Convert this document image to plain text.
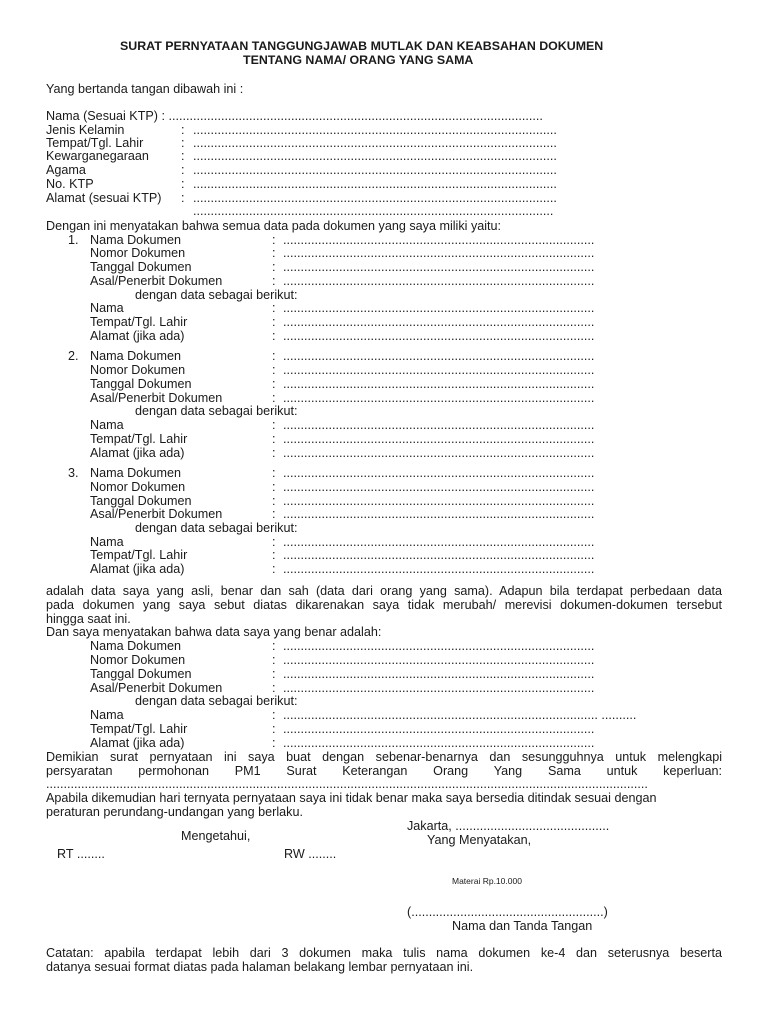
SURAT PERNYATAAN TANGGUNGJAWAB MUTLAK DAN KEABSAHAN DOKUMEN
TENTANG NAMA/ ORANG YANG SAMA
Yang bertanda tangan dibawah ini :
Nama (Sesuai KTP) : ...........................................................................................................
Jenis Kelamin	: ........................................................................................................
Tempat/Tgl. Lahir	: ........................................................................................................
Kewarganegaraan	: ........................................................................................................
Agama	: ........................................................................................................
No. KTP	: ........................................................................................................
Alamat (sesuai KTP) : ........................................................................................................
.......................................................................................................
Dengan ini menyatakan bahwa semua data pada dokumen yang saya miliki yaitu:
1. Nama Dokumen	: .........................................................................................
Nomor Dokumen	: .........................................................................................
Tanggal Dokumen	: .........................................................................................
Asal/Penerbit Dokumen	: .........................................................................................
dengan data sebagai berikut:
Nama	: .........................................................................................
Tempat/Tgl. Lahir	: .........................................................................................
Alamat (jika ada)	: .........................................................................................
2. Nama Dokumen	: .........................................................................................
Nomor Dokumen	: .........................................................................................
Tanggal Dokumen	: .........................................................................................
Asal/Penerbit Dokumen	: .........................................................................................
dengan data sebagai berikut:
Nama	: .........................................................................................
Tempat/Tgl. Lahir	: .........................................................................................
Alamat (jika ada)	: .........................................................................................
3. Nama Dokumen	: .........................................................................................
Nomor Dokumen	: .........................................................................................
Tanggal Dokumen	: .........................................................................................
Asal/Penerbit Dokumen	: .........................................................................................
dengan data sebagai berikut:
Nama	: .........................................................................................
Tempat/Tgl. Lahir	: .........................................................................................
Alamat (jika ada)	: .........................................................................................
adalah data saya yang asli, benar dan sah (data dari orang yang sama). Adapun bila terdapat perbedaan data
pada dokumen yang saya sebut diatas dikarenakan saya tidak merubah/ merevisi dokumen-dokumen tersebut
hingga saat ini.
Dan saya menyatakan bahwa data saya yang benar adalah:
Nama Dokumen	: .........................................................................................
Nomor Dokumen	: .........................................................................................
Tanggal Dokumen	: .........................................................................................
Asal/Penerbit Dokumen	: .........................................................................................
dengan data sebagai berikut:
Nama	: .......................................................................................... ..........
Tempat/Tgl. Lahir	: .........................................................................................
Alamat (jika ada)	: .........................................................................................
Demikian surat pernyataan ini saya buat dengan sebenar-benarnya dan sesungguhnya untuk melengkapi
persyaratan permohonan PM1 Surat Keterangan Orang Yang Sama untuk keperluan:
............................................................................................................................................................................
Apabila dikemudian hari ternyata pernyataan saya ini tidak benar maka saya bersedia ditindak sesuai dengan
peraturan perundang-undangan yang berlaku.
Jakarta, ............................................
Mengetahui,	Yang Menyatakan,
RT ........	RW ........
Materai Rp.10.000
(.......................................................)
Nama dan Tanda Tangan
Catatan: apabila terdapat lebih dari 3 dokumen maka tulis nama dokumen ke-4 dan seterusnya beserta
datanya sesuai format diatas pada halaman belakang lembar pernyataan ini.
